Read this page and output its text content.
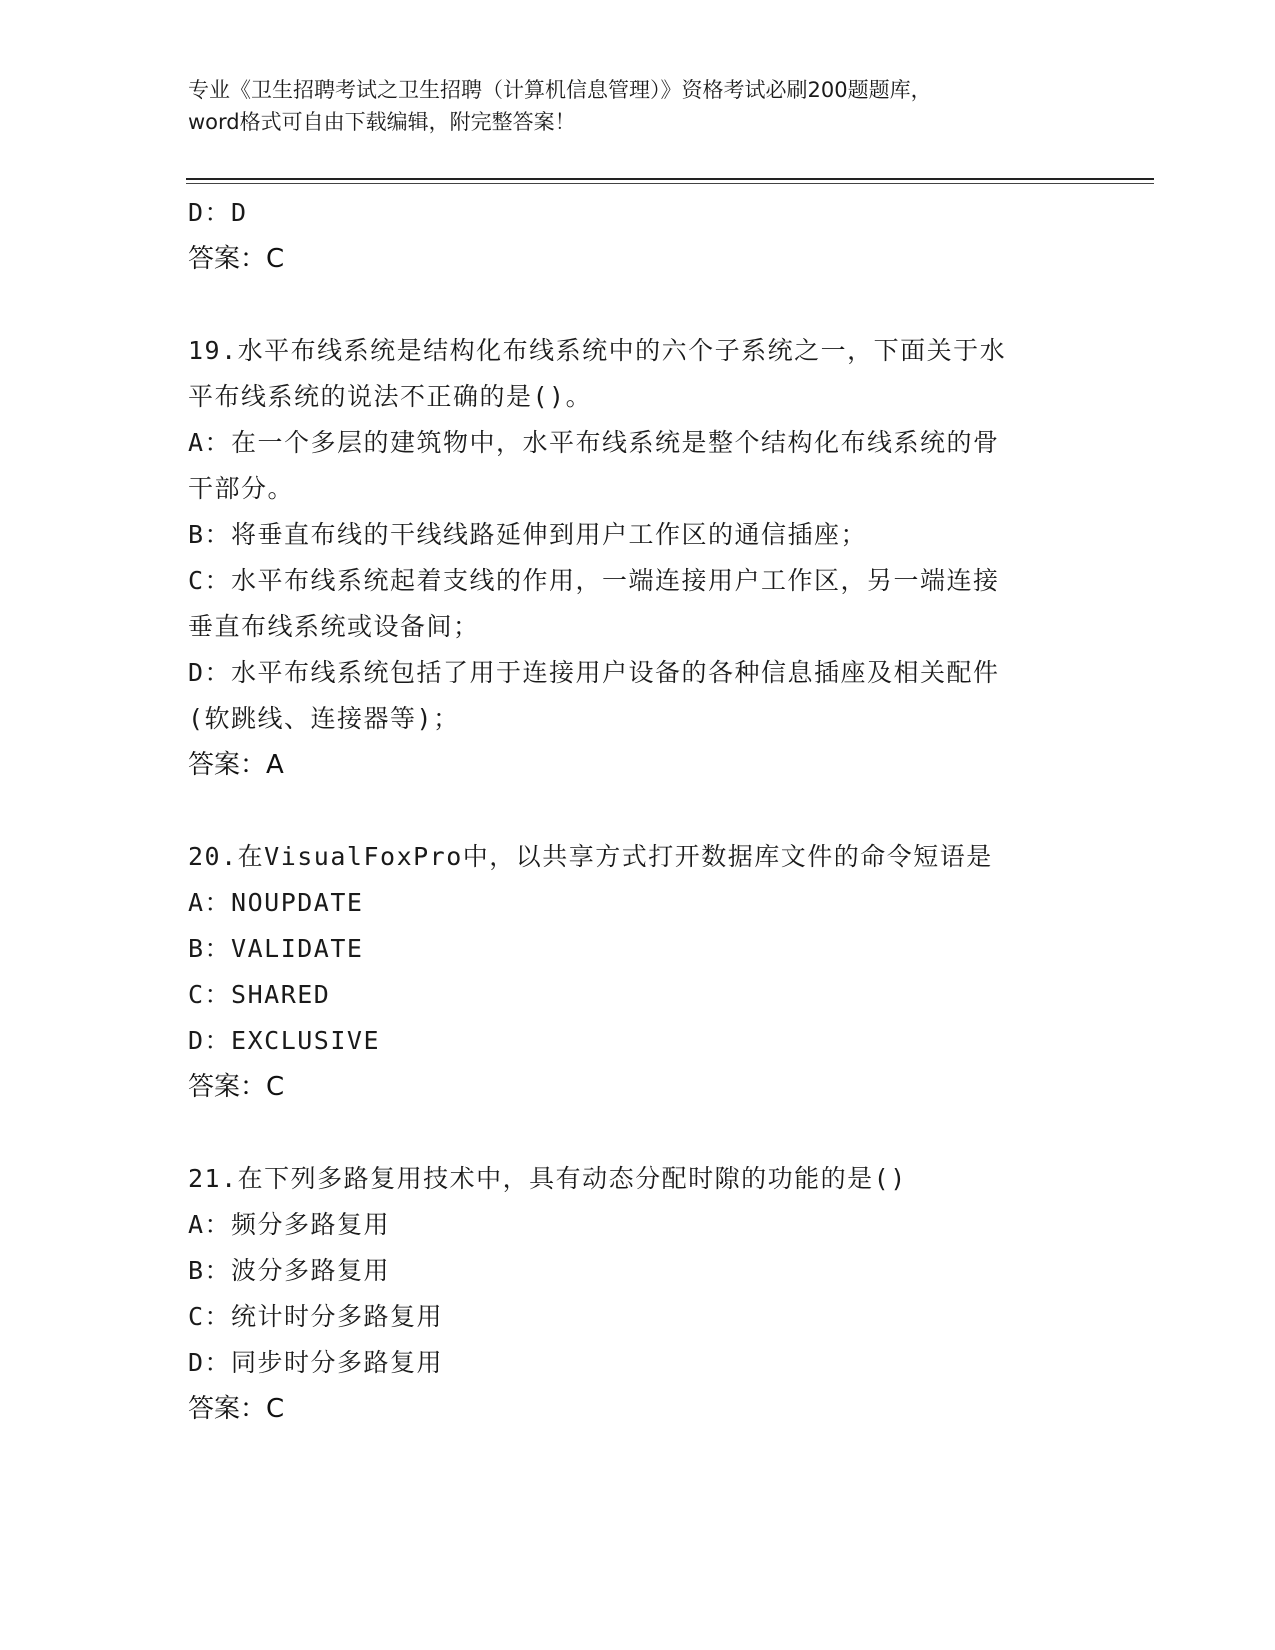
专业《卫生招聘考试之卫生招聘（计算机信息管理）》资格考试必刷200题题库，
word格式可自由下载编辑，附完整答案！
D：D
答案：C
19.水平布线系统是结构化布线系统中的六个子系统之一，下面关于水
平布线系统的说法不正确的是()。
A：在一个多层的建筑物中，水平布线系统是整个结构化布线系统的骨
干部分。
B：将垂直布线的干线线路延伸到用户工作区的通信插座；
C：水平布线系统起着支线的作用，一端连接用户工作区，另一端连接
垂直布线系统或设备间；
D：水平布线系统包括了用于连接用户设备的各种信息插座及相关配件
(软跳线、连接器等)；
答案：A
20.在VisualFoxPro中，以共享方式打开数据库文件的命令短语是
A：NOUPDATE
B：VALIDATE
C：SHARED
D：EXCLUSIVE
答案：C
21.在下列多路复用技术中，具有动态分配时隙的功能的是()
A：频分多路复用
B：波分多路复用
C：统计时分多路复用
D：同步时分多路复用
答案：C
